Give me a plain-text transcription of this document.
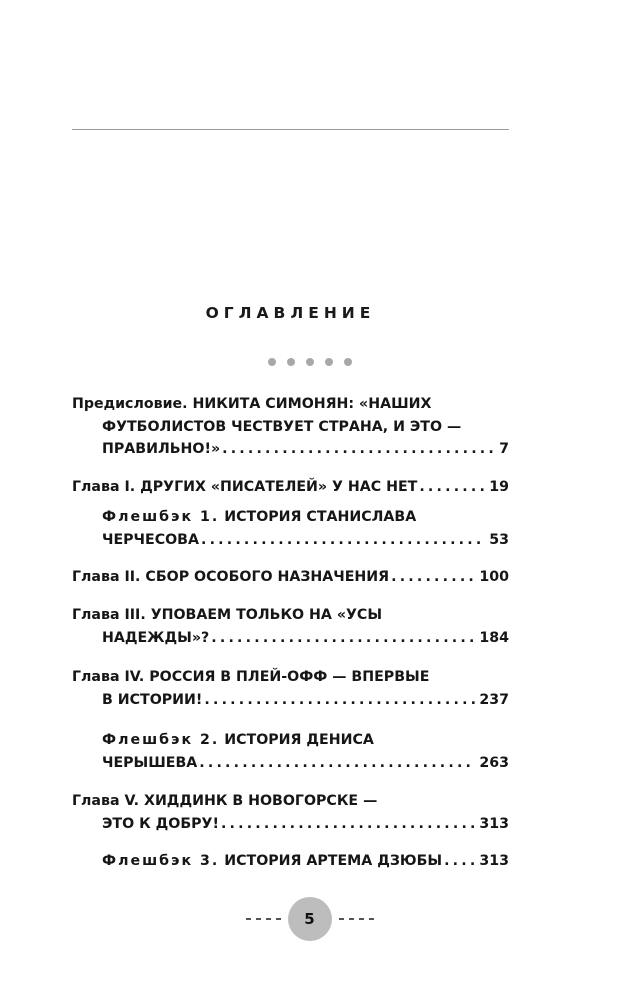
ОГЛАВЛЕНИЕ
Предисловие.
НИКИТА СИМОНЯН: «НАШИХ
ФУТБОЛИСТОВ ЧЕСТВУЕТ СТРАНА, И ЭТО —
ПРАВИЛЬНО!» .....	7
Глава I.
ДРУГИХ «ПИСАТЕЛЕЙ» У НАС НЕТ .....	19
Флешбэк 1.
ИСТОРИЯ СТАНИСЛАВА
ЧЕРЧЕСОВА .....	53
Глава II.
СБОР ОСОБОГО НАЗНАЧЕНИЯ .....	100
Глава III.
УПОВАЕМ ТОЛЬКО НА «УСЫ
НАДЕЖДЫ»? .....	184
Глава IV.
РОССИЯ В ПЛЕЙ-ОФФ — ВПЕРВЫЕ
В ИСТОРИИ! .....	237
Флешбэк 2.
ИСТОРИЯ ДЕНИСА
ЧЕРЫШЕВА .....	263
Глава V.
ХИДДИНК В НОВОГОРСКЕ —
ЭТО К ДОБРУ! .....	313
Флешбэк 3.
ИСТОРИЯ АРТЕМА ДЗЮБЫ .....	313
5
